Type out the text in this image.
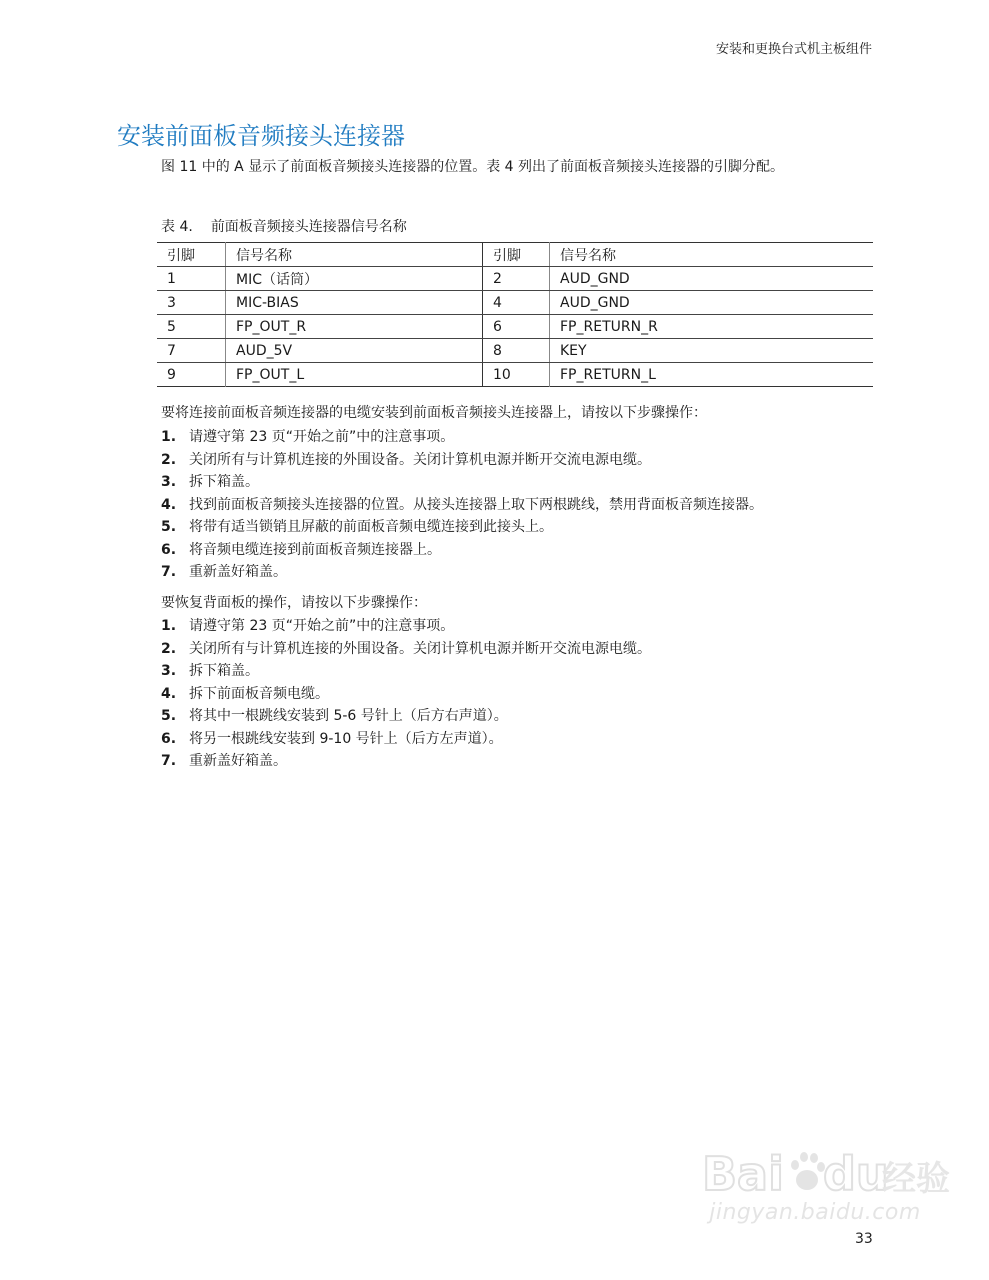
安装和更换台式机主板组件
安装前面板音频接头连接器

图 11 中的 A 显示了前面板音频接头连接器的位置。表 4 列出了前面板音频接头连接器的引脚分配。

表 4. 前面板音频接头连接器信号名称

引脚	信号名称	引脚	信号名称
1	MIC（话筒）	2	AUD_GND
3	MIC-BIAS	4	AUD_GND
5	FP_OUT_R	6	FP_RETURN_R
7	AUD_5V	8	KEY
9	FP_OUT_L	10	FP_RETURN_L

要将连接前面板音频连接器的电缆安装到前面板音频接头连接器上，请按以下步骤操作：

1. 请遵守第 23 页“开始之前”中的注意事项。
2. 关闭所有与计算机连接的外围设备。关闭计算机电源并断开交流电源电缆。
3. 拆下箱盖。
4. 找到前面板音频接头连接器的位置。从接头连接器上取下两根跳线，禁用背面板音频连接器。
5. 将带有适当锁销且屏蔽的前面板音频电缆连接到此接头上。
6. 将音频电缆连接到前面板音频连接器上。
7. 重新盖好箱盖。

要恢复背面板的操作，请按以下步骤操作：

1. 请遵守第 23 页“开始之前”中的注意事项。
2. 关闭所有与计算机连接的外围设备。关闭计算机电源并断开交流电源电缆。
3. 拆下箱盖。
4. 拆下前面板音频电缆。
5. 将其中一根跳线安装到 5-6 号针上（后方右声道）。
6. 将另一根跳线安装到 9-10 号针上（后方左声道）。
7. 重新盖好箱盖。
Bai du
经验
jingyan.baidu.com
33
